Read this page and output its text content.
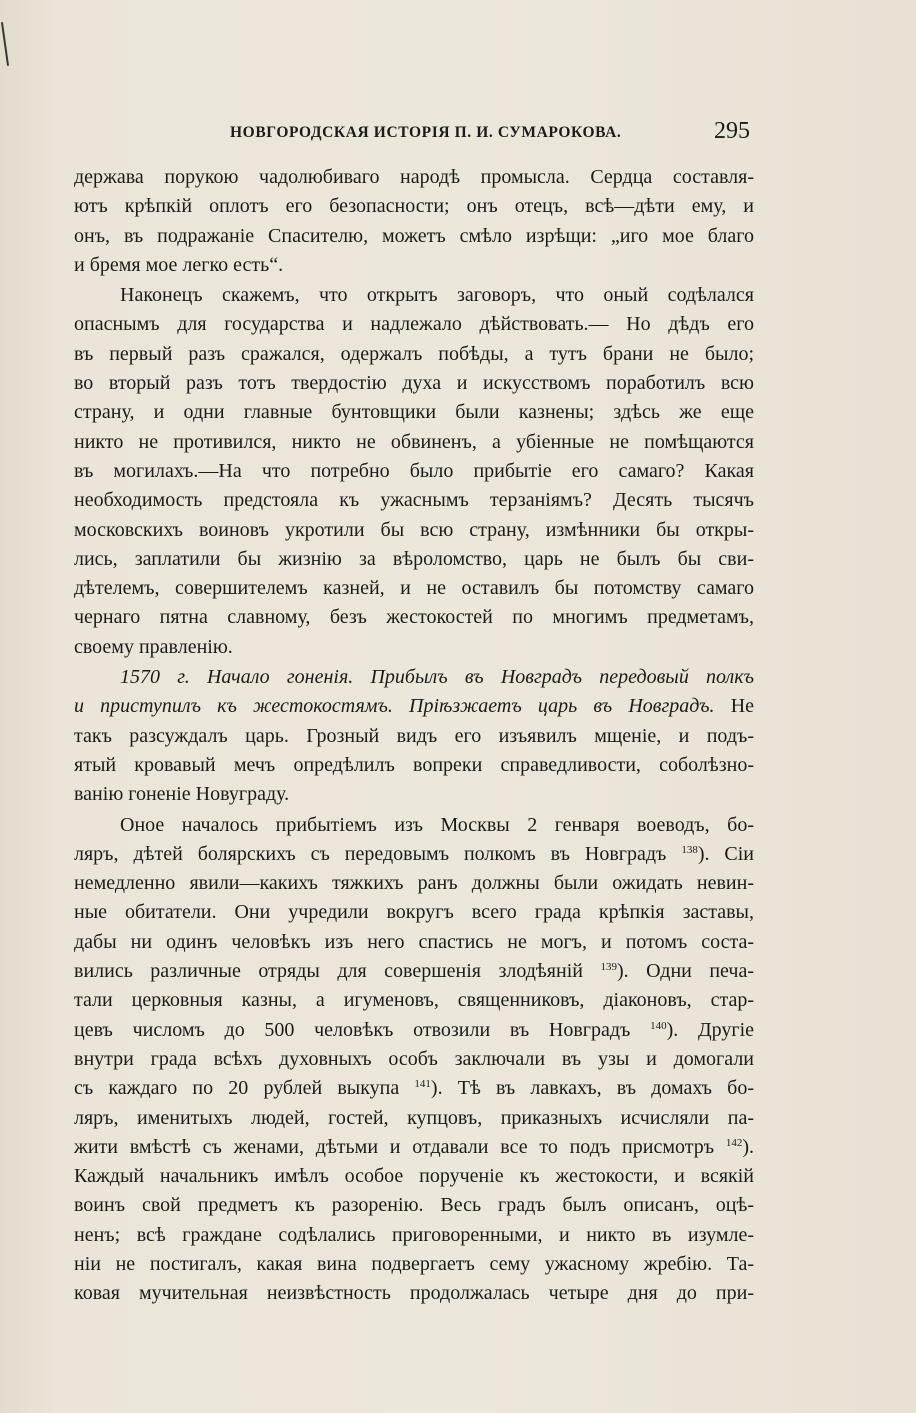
НОВГОРОДСКАЯ ИСТОРІЯ П. И. СУМАРОКОВА.	295
держава порукою чадолюбиваго народѣ промысла. Сердца составля-
ютъ крѣпкій оплотъ его безопасности; онъ отецъ, всѣ—дѣти ему, и
онъ, въ подражаніе Спасителю, можетъ смѣло изрѣщи: „иго мое благо
и бремя мое легко есть“.
Наконецъ скажемъ, что открытъ заговоръ, что оный содѣлался
опаснымъ для государства и надлежало дѣйствовать.— Но дѣдъ его
въ первый разъ сражался, одержалъ побѣды, а тутъ брани не было;
во вторый разъ тотъ твердостію духа и искусствомъ поработилъ всю
страну, и одни главные бунтовщики были казнены; здѣсь же еще
никто не противился, никто не обвиненъ, а убіенные не помѣщаются
въ могилахъ.—На что потребно было прибытіе его самаго? Какая
необходимость предстояла къ ужаснымъ терзаніямъ? Десять тысячъ
московскихъ воиновъ укротили бы всю страну, измѣнники бы откры-
лись, заплатили бы жизнію за вѣроломство, царь не былъ бы сви-
дѣтелемъ, совершителемъ казней, и не оставилъ бы потомству самаго
чернаго пятна славному, безъ жестокостей по многимъ предметамъ,
своему правленію.
1570 г. Начало гоненія. Прибылъ въ Новградъ передовый полкъ
и приступилъ къ жестокостямъ. Пріѣзжаетъ царь въ Новградъ. Не
такъ разсуждалъ царь. Грозный видъ его изъявилъ мщеніе, и подъ-
ятый кровавый мечъ опредѣлилъ вопреки справедливости, соболѣзно-
ванію гоненіе Новуграду.
Оное началось прибытіемъ изъ Москвы 2 генваря воеводъ, бо-
ляръ, дѣтей болярскихъ съ передовымъ полкомъ въ Новградъ $^{138}$). Сіи
немедленно явили—какихъ тяжкихъ ранъ должны были ожидать невин-
ные обитатели. Они учредили вокругъ всего града крѣпкія заставы,
дабы ни одинъ человѣкъ изъ него спастись не могъ, и потомъ соста-
вились различные отряды для совершенія злодѣяній $^{139}$). Одни печа-
тали церковныя казны, а игуменовъ, священниковъ, діаконовъ, стар-
цевъ числомъ до 500 человѣкъ отвозили въ Новградъ $^{140}$). Другіе
внутри града всѣхъ духовныхъ особъ заключали въ узы и домогали
съ каждаго по 20 рублей выкупа $^{141}$). Тѣ въ лавкахъ, въ домахъ бо-
ляръ, именитыхъ людей, гостей, купцовъ, приказныхъ исчисляли па-
жити вмѣстѣ съ женами, дѣтьми и отдавали все то подъ присмотръ $^{142}$).
Каждый начальникъ имѣлъ особое порученіе къ жестокости, и всякій
воинъ свой предметъ къ разоренію. Весь градъ былъ описанъ, оцѣ-
ненъ; всѣ граждане содѣлались приговоренными, и никто въ изумле-
ніи не постигалъ, какая вина подвергаетъ сему ужасному жребію. Та-
ковая мучительная неизвѣстность продолжалась четыре дня до при-
